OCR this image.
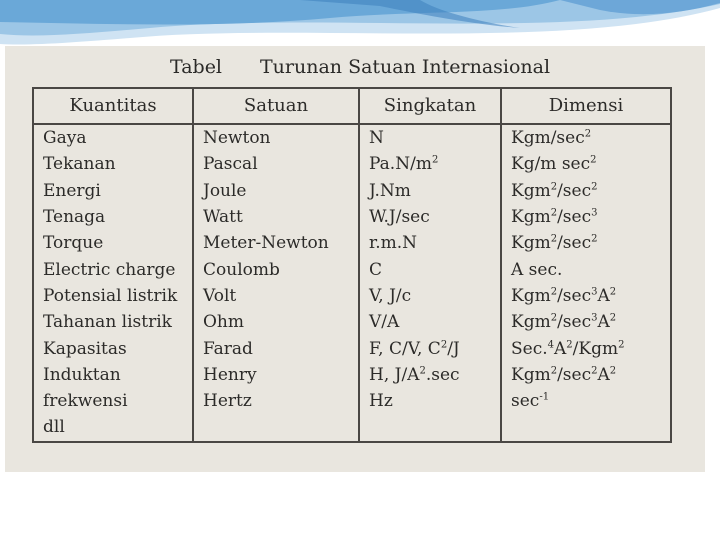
Tabel Turunan Satuan Internasional
Kuantitas	Satuan	Singkatan	Dimensi
Gaya	Newton	N	Kgm/$\sec^2$
Tekanan	Pascal	$Pa.N/m^2$	Kg/m $\sec^2$
Energi	Joule	J.Nm	$Kgm^2/\sec^2$
Tenaga	Watt	W.J/sec	$Kgm^2/\sec^3$
Torque	Meter-Newton	r.m.N	$Kgm^2/\sec^2$
Electric charge	Coulomb	C	A sec.
Potensial listrik	Volt	V, J/c	$Kgm^2/\sec^3A^2$
Tahanan listrik	Ohm	V/A	$Kgm^2/\sec^3A^2$
Kapasitas	Farad	F, C/V, $C^2/J$	$Sec.^4A^2/Kgm^2$
Induktan	Henry	H, $J/A^2.\sec$	$Kgm^2/\sec^2A^2$
frekwensi	Hertz	Hz	$\sec^{-1}$
dll			
